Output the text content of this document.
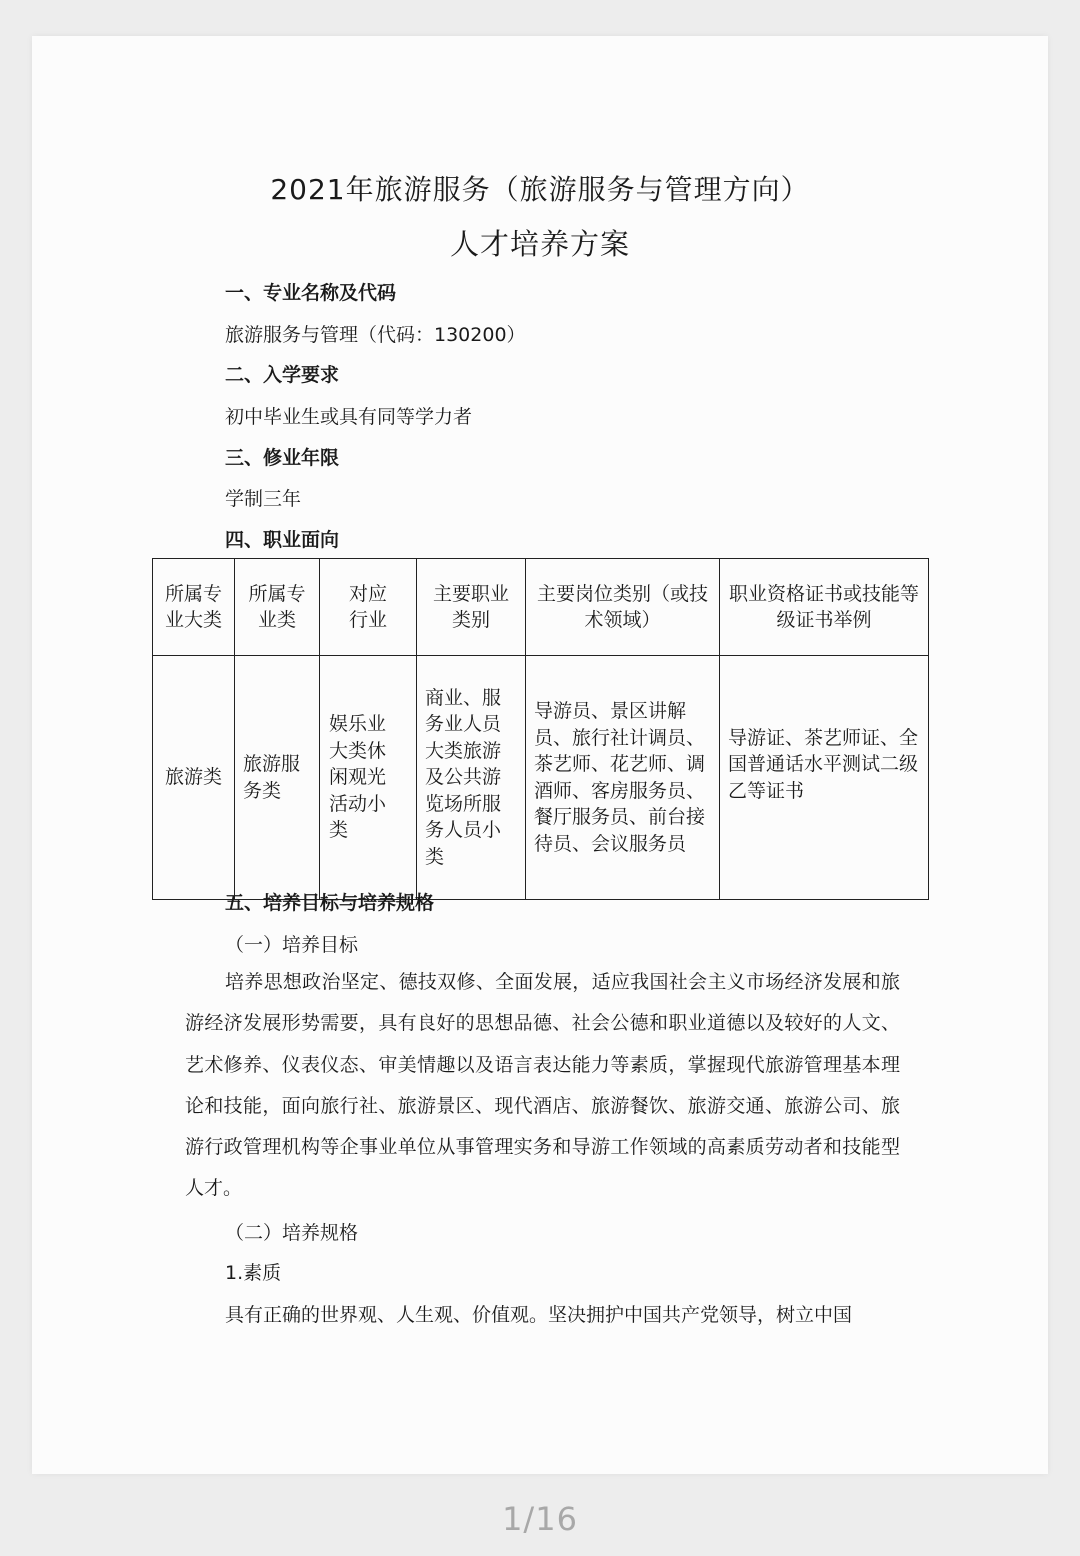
2021年旅游服务（旅游服务与管理方向）
人才培养方案
一、专业名称及代码
旅游服务与管理（代码：130200）
二、入学要求
初中毕业生或具有同等学力者
三、修业年限
学制三年
四、职业面向
所属专业大类	所属专业类	对应行业	主要职业类别	主要岗位类别（或技术领域）	职业资格证书或技能等级证书举例
旅游类	旅游服务类	娱乐业大类休闲观光活动小类	商业、服务业人员大类旅游及公共游览场所服务人员小类	导游员、景区讲解员、旅行社计调员、茶艺师、花艺师、调酒师、客房服务员、餐厅服务员、前台接待员、会议服务员	导游证、茶艺师证、全国普通话水平测试二级乙等证书
五、培养目标与培养规格
（一）培养目标
培养思想政治坚定、德技双修、全面发展，适应我国社会主义市场经济发展和旅游经济发展形势需要，具有良好的思想品德、社会公德和职业道德以及较好的人文、艺术修养、仪表仪态、审美情趣以及语言表达能力等素质，掌握现代旅游管理基本理论和技能，面向旅行社、旅游景区、现代酒店、旅游餐饮、旅游交通、旅游公司、旅游行政管理机构等企事业单位从事管理实务和导游工作领域的高素质劳动者和技能型人才。
（二）培养规格
1.素质
具有正确的世界观、人生观、价值观。坚决拥护中国共产党领导，树立中国
1/16
